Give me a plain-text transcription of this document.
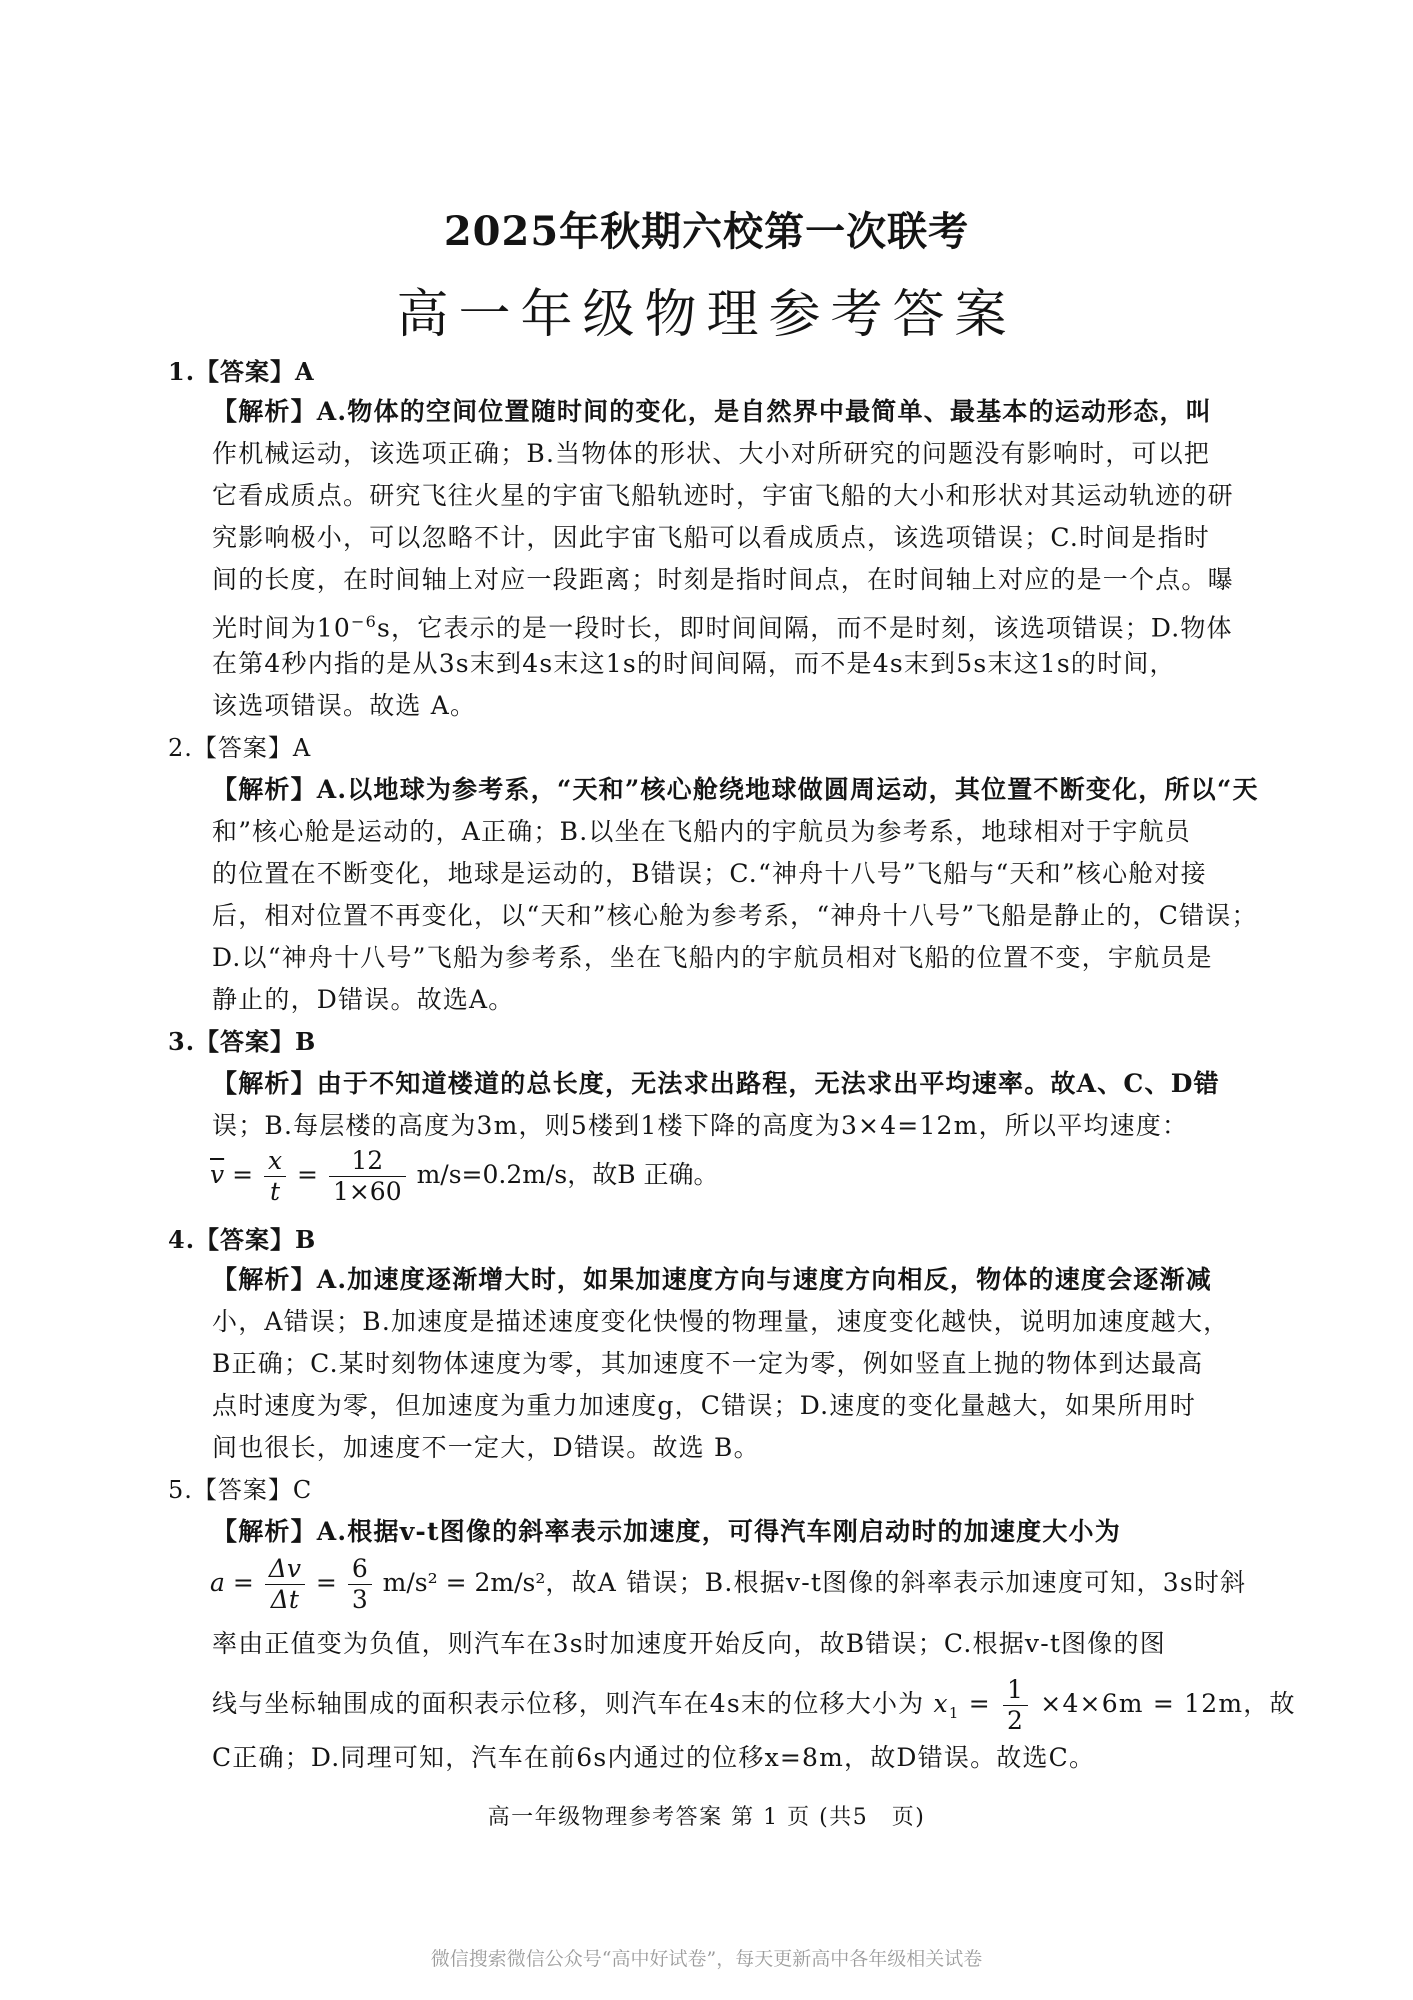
2025年秋期六校第一次联考
高一年级物理参考答案
1.【答案】A
【解析】A.物体的空间位置随时间的变化，是自然界中最简单、最基本的运动形态，叫
作机械运动，该选项正确；B.当物体的形状、大小对所研究的问题没有影响时，可以把
它看成质点。研究飞往火星的宇宙飞船轨迹时，宇宙飞船的大小和形状对其运动轨迹的研
究影响极小，可以忽略不计，因此宇宙飞船可以看成质点，该选项错误；C.时间是指时
间的长度，在时间轴上对应一段距离；时刻是指时间点，在时间轴上对应的是一个点。曝
光时间为$10^{-6}s$，它表示的是一段时长，即时间间隔，而不是时刻，该选项错误；D.物体
在第4秒内指的是从3s末到4s末这1s的时间间隔，而不是4s末到5s末这1s的时间，
该选项错误。故选 A。
2.【答案】A
【解析】A.以地球为参考系，“天和”核心舱绕地球做圆周运动，其位置不断变化，所以“天
和”核心舱是运动的，A正确；B.以坐在飞船内的宇航员为参考系，地球相对于宇航员
的位置在不断变化，地球是运动的，B错误；C.“神舟十八号”飞船与“天和”核心舱对接
后，相对位置不再变化，以“天和”核心舱为参考系，“神舟十八号”飞船是静止的，C错误；
D.以“神舟十八号”飞船为参考系，坐在飞船内的宇航员相对飞船的位置不变，宇航员是
静止的，D错误。故选A。
3.【答案】B
【解析】由于不知道楼道的总长度，无法求出路程，无法求出平均速率。故A、C、D错
误；B.每层楼的高度为3m，则5楼到1楼下降的高度为3×4=12m，所以平均速度：
$\overline{v} = \frac{x}{t} = \frac{12}{1\times 60} m/s=0.2m/s$，故B 正确。
4.【答案】B
【解析】A.加速度逐渐增大时，如果加速度方向与速度方向相反，物体的速度会逐渐减
小，A错误；B.加速度是描述速度变化快慢的物理量，速度变化越快，说明加速度越大，
B正确；C.某时刻物体速度为零，其加速度不一定为零，例如竖直上抛的物体到达最高
点时速度为零，但加速度为重力加速度g，C错误；D.速度的变化量越大，如果所用时
间也很长，加速度不一定大，D错误。故选 B。
5.【答案】C
【解析】A.根据v-t图像的斜率表示加速度，可得汽车刚启动时的加速度大小为
$a = \frac{\Delta v}{\Delta t} = \frac{6}{3} m/s^2 = 2m/s^2$，故A 错误；B.根据v-t图像的斜率表示加速度可知，3s时斜
率由正值变为负值，则汽车在3s时加速度开始反向，故B错误；C.根据v-t图像的图
线与坐标轴围成的面积表示位移，则汽车在4s末的位移大小为 $x_1 = \frac{1}{2} \times 4\times 6m = 12m$，故
C正确；D.同理可知，汽车在前6s内通过的位移x=8m，故D错误。故选C。
高一年级物理参考答案 第 1 页 (共5　页)
微信搜索微信公众号“高中好试卷”，每天更新高中各年级相关试卷
